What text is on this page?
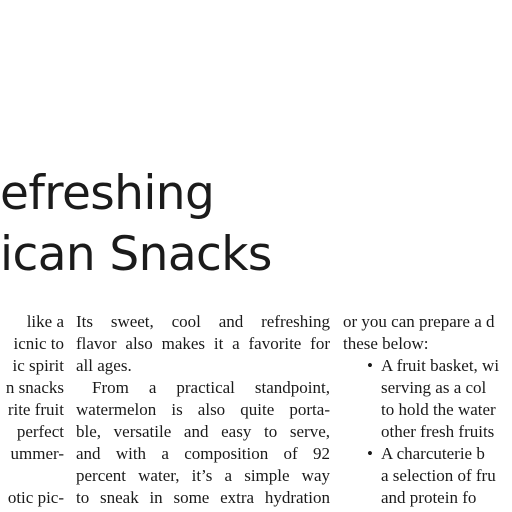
efreshing
ican Snacks
like a
icnic to
ic spirit
n snacks
rite fruit
perfect
ummer-
otic pic-
Its sweet, cool and refreshing
flavor also makes it a favorite for
all ages.
From a practical standpoint,
watermelon is also quite porta-
ble, versatile and easy to serve,
and with a composition of 92
percent water, it’s a simple way
to sneak in some extra hydration
or you can prepare a d
these below:
• A fruit basket, wi
serving as a col
to hold the water
other fresh fruits
• A charcuterie b
a selection of fru
and protein fo
